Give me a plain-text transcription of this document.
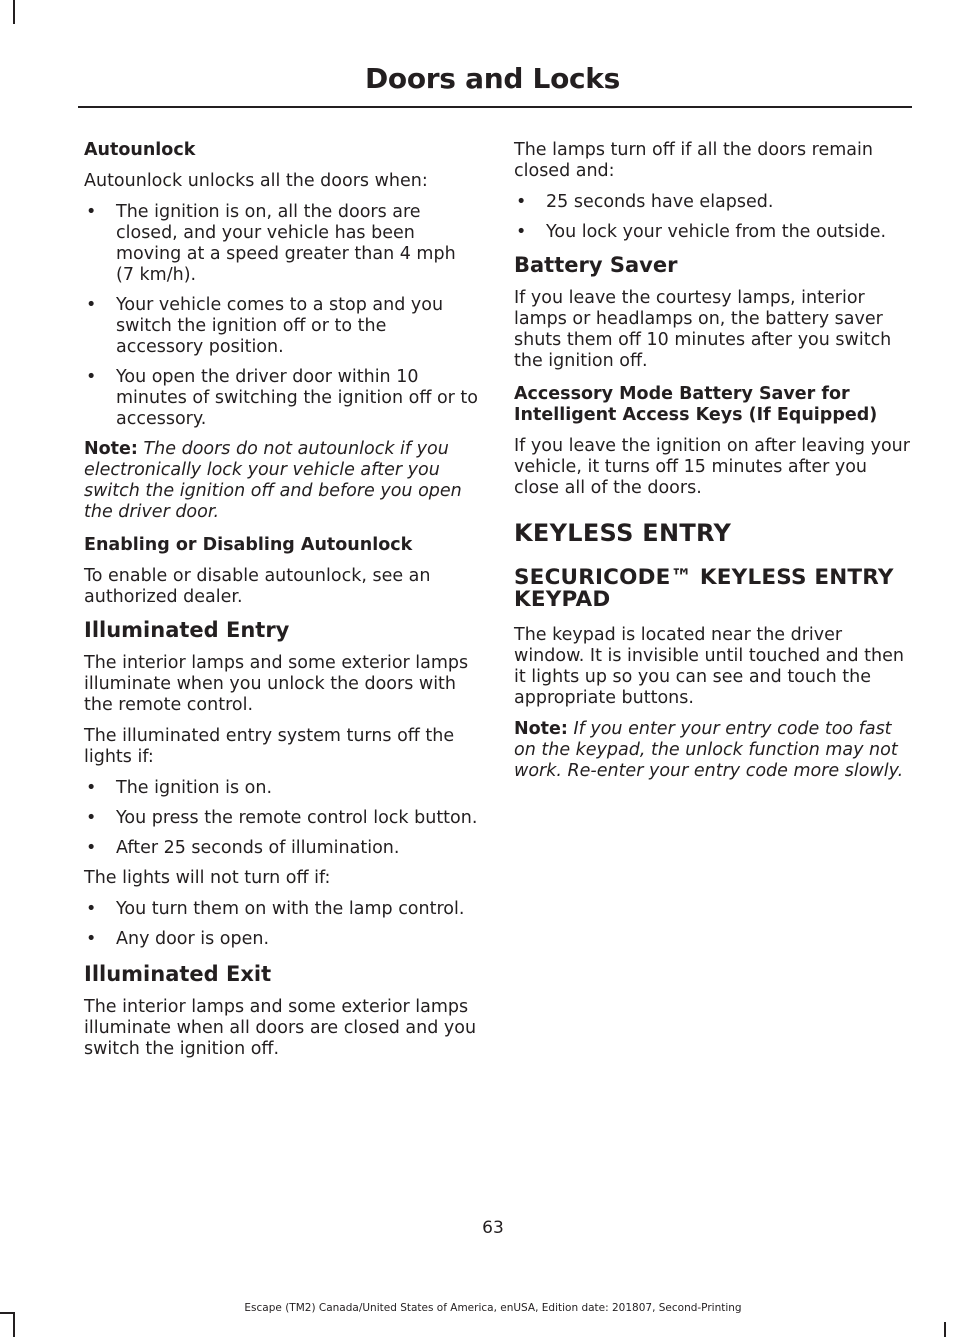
Doors and Locks
Autounlock

Autounlock unlocks all the doors when:

• The ignition is on, all the doors are closed, and your vehicle has been moving at a speed greater than 4 mph (7 km/h).
• Your vehicle comes to a stop and you switch the ignition off or to the accessory position.
• You open the driver door within 10 minutes of switching the ignition off or to accessory.

Note: The doors do not autounlock if you electronically lock your vehicle after you switch the ignition off and before you open the driver door.

Enabling or Disabling Autounlock

To enable or disable autounlock, see an authorized dealer.

Illuminated Entry

The interior lamps and some exterior lamps illuminate when you unlock the doors with the remote control.

The illuminated entry system turns off the lights if:

• The ignition is on.
• You press the remote control lock button.
• After 25 seconds of illumination.

The lights will not turn off if:

• You turn them on with the lamp control.
• Any door is open.
Illuminated Exit

The interior lamps and some exterior lamps illuminate when all doors are closed and you switch the ignition off.

The lamps turn off if all the doors remain closed and:

• 25 seconds have elapsed.
• You lock your vehicle from the outside.
Battery Saver

If you leave the courtesy lamps, interior lamps or headlamps on, the battery saver shuts them off 10 minutes after you switch the ignition off.

Accessory Mode Battery Saver for Intelligent Access Keys (If Equipped)

If you leave the ignition on after leaving your vehicle, it turns off 15 minutes after you close all of the doors.

KEYLESS ENTRY
SECURICODE™ KEYLESS ENTRY KEYPAD

The keypad is located near the driver window. It is invisible until touched and then it lights up so you can see and touch the appropriate buttons.

Note: If you enter your entry code too fast on the keypad, the unlock function may not work. Re-enter your entry code more slowly.

63
Escape (TM2) Canada/United States of America, enUSA, Edition date: 201807, Second-Printing
